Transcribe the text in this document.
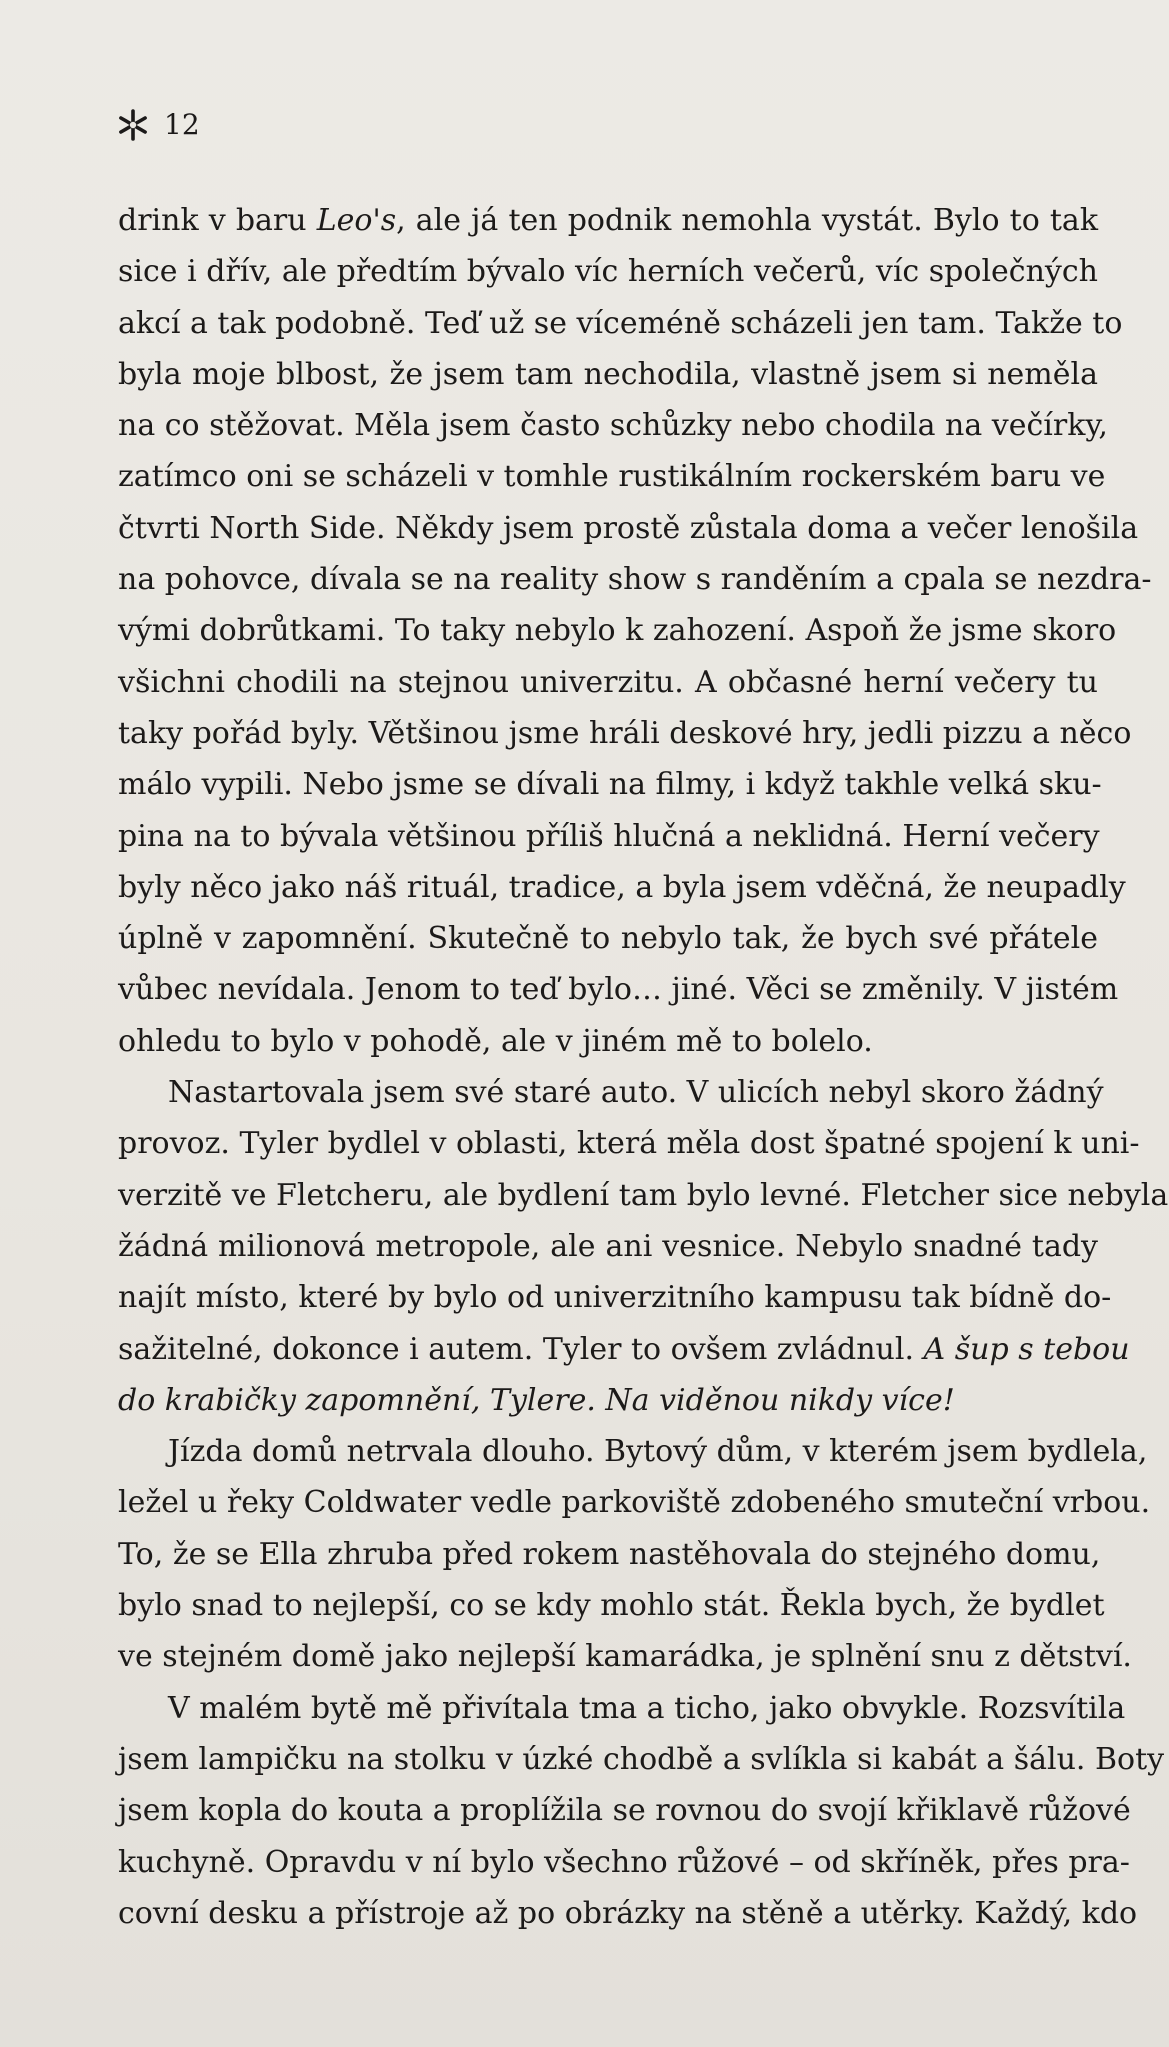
12
drink v baru Leo's, ale já ten podnik nemohla vystát. Bylo to tak
sice i dřív, ale předtím bývalo víc herních večerů, víc společných
akcí a tak podobně. Teď už se víceméně scházeli jen tam. Takže to
byla moje blbost, že jsem tam nechodila, vlastně jsem si neměla
na co stěžovat. Měla jsem často schůzky nebo chodila na večírky,
zatímco oni se scházeli v tomhle rustikálním rockerském baru ve
čtvrti North Side. Někdy jsem prostě zůstala doma a večer lenošila
na pohovce, dívala se na reality show s randěním a cpala se nezdra-
vými dobrůtkami. To taky nebylo k zahození. Aspoň že jsme skoro
všichni chodili na stejnou univerzitu. A občasné herní večery tu
taky pořád byly. Většinou jsme hráli deskové hry, jedli pizzu a něco
málo vypili. Nebo jsme se dívali na filmy, i když takhle velká sku-
pina na to bývala většinou příliš hlučná a neklidná. Herní večery
byly něco jako náš rituál, tradice, a byla jsem vděčná, že neupadly
úplně v zapomnění. Skutečně to nebylo tak, že bych své přátele
vůbec nevídala. Jenom to teď bylo… jiné. Věci se změnily. V jistém
ohledu to bylo v pohodě, ale v jiném mě to bolelo.
Nastartovala jsem své staré auto. V ulicích nebyl skoro žádný
provoz. Tyler bydlel v oblasti, která měla dost špatné spojení k uni-
verzitě ve Fletcheru, ale bydlení tam bylo levné. Fletcher sice nebyla
žádná milionová metropole, ale ani vesnice. Nebylo snadné tady
najít místo, které by bylo od univerzitního kampusu tak bídně do-
sažitelné, dokonce i autem. Tyler to ovšem zvládnul. A šup s tebou
do krabičky zapomnění, Tylere. Na viděnou nikdy více!
Jízda domů netrvala dlouho. Bytový dům, v kterém jsem bydlela,
ležel u řeky Coldwater vedle parkoviště zdobeného smuteční vrbou.
To, že se Ella zhruba před rokem nastěhovala do stejného domu,
bylo snad to nejlepší, co se kdy mohlo stát. Řekla bych, že bydlet
ve stejném domě jako nejlepší kamarádka, je splnění snu z dětství.
V malém bytě mě přivítala tma a ticho, jako obvykle. Rozsvítila
jsem lampičku na stolku v úzké chodbě a svlíkla si kabát a šálu. Boty
jsem kopla do kouta a proplížila se rovnou do svojí křiklavě růžové
kuchyně. Opravdu v ní bylo všechno růžové – od skříněk, přes pra-
covní desku a přístroje až po obrázky na stěně a utěrky. Každý, kdo
